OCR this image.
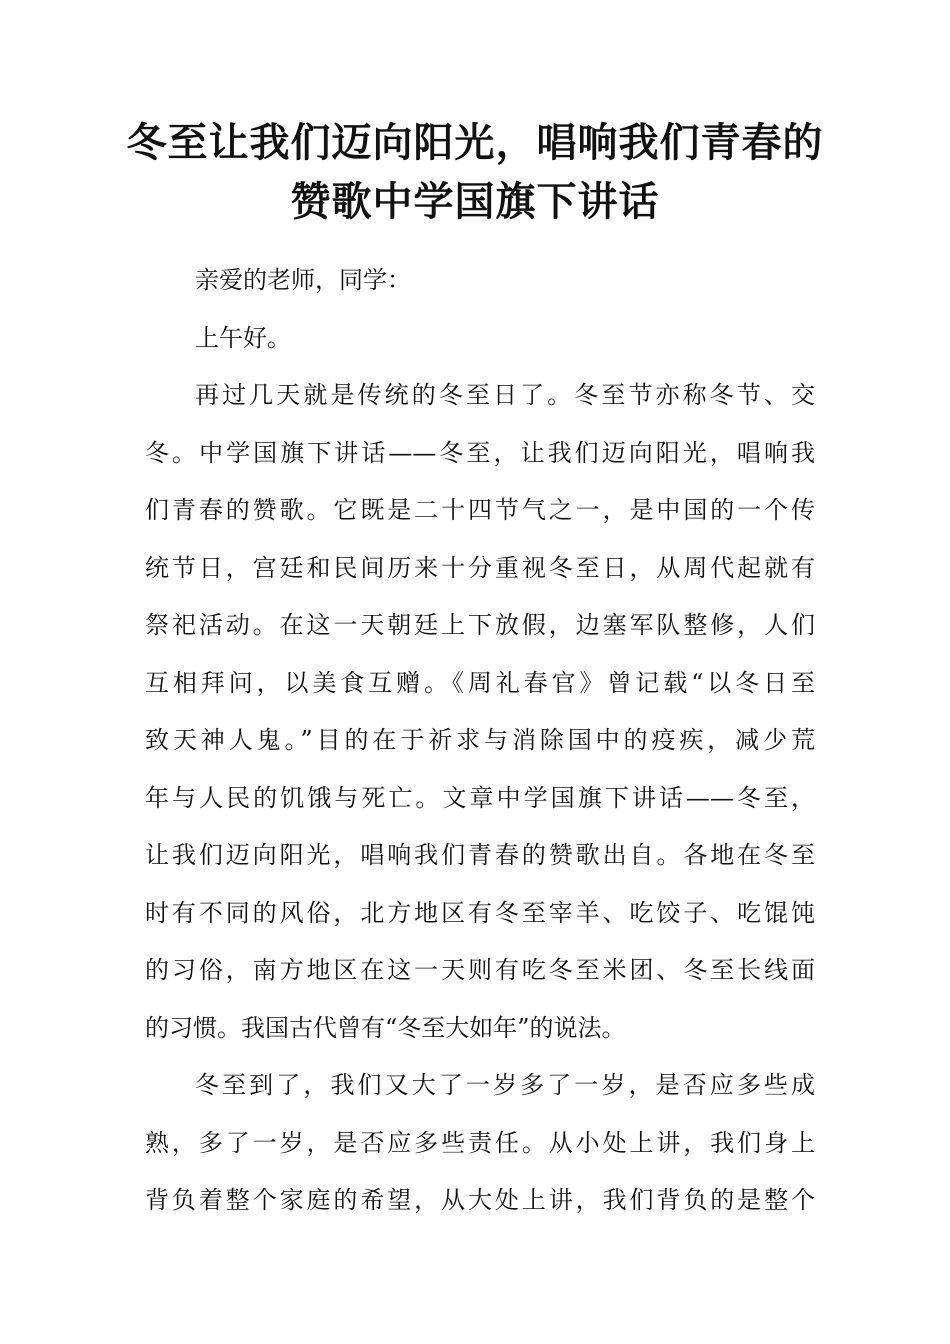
冬至让我们迈向阳光，唱响我们青春的
赞歌中学国旗下讲话

亲爱的老师，同学：

上午好。

再过几天就是传统的冬至日了。冬至节亦称冬节、交
冬。中学国旗下讲话——冬至，让我们迈向阳光，唱响我
们青春的赞歌。它既是二十四节气之一，是中国的一个传
统节日，宫廷和民间历来十分重视冬至日，从周代起就有
祭祀活动。在这一天朝廷上下放假，边塞军队整修，人们
互相拜问，以美食互赠。《周礼春官》曾记载“以冬日至
致天神人鬼。”目的在于祈求与消除国中的疫疾，减少荒
年与人民的饥饿与死亡。文章中学国旗下讲话——冬至，
让我们迈向阳光，唱响我们青春的赞歌出自。各地在冬至
时有不同的风俗，北方地区有冬至宰羊、吃饺子、吃馄饨
的习俗，南方地区在这一天则有吃冬至米团、冬至长线面
的习惯。我国古代曾有“冬至大如年”的说法。

冬至到了，我们又大了一岁多了一岁，是否应多些成
熟，多了一岁，是否应多些责任。从小处上讲，我们身上
背负着整个家庭的希望，从大处上讲，我们背负的是整个
